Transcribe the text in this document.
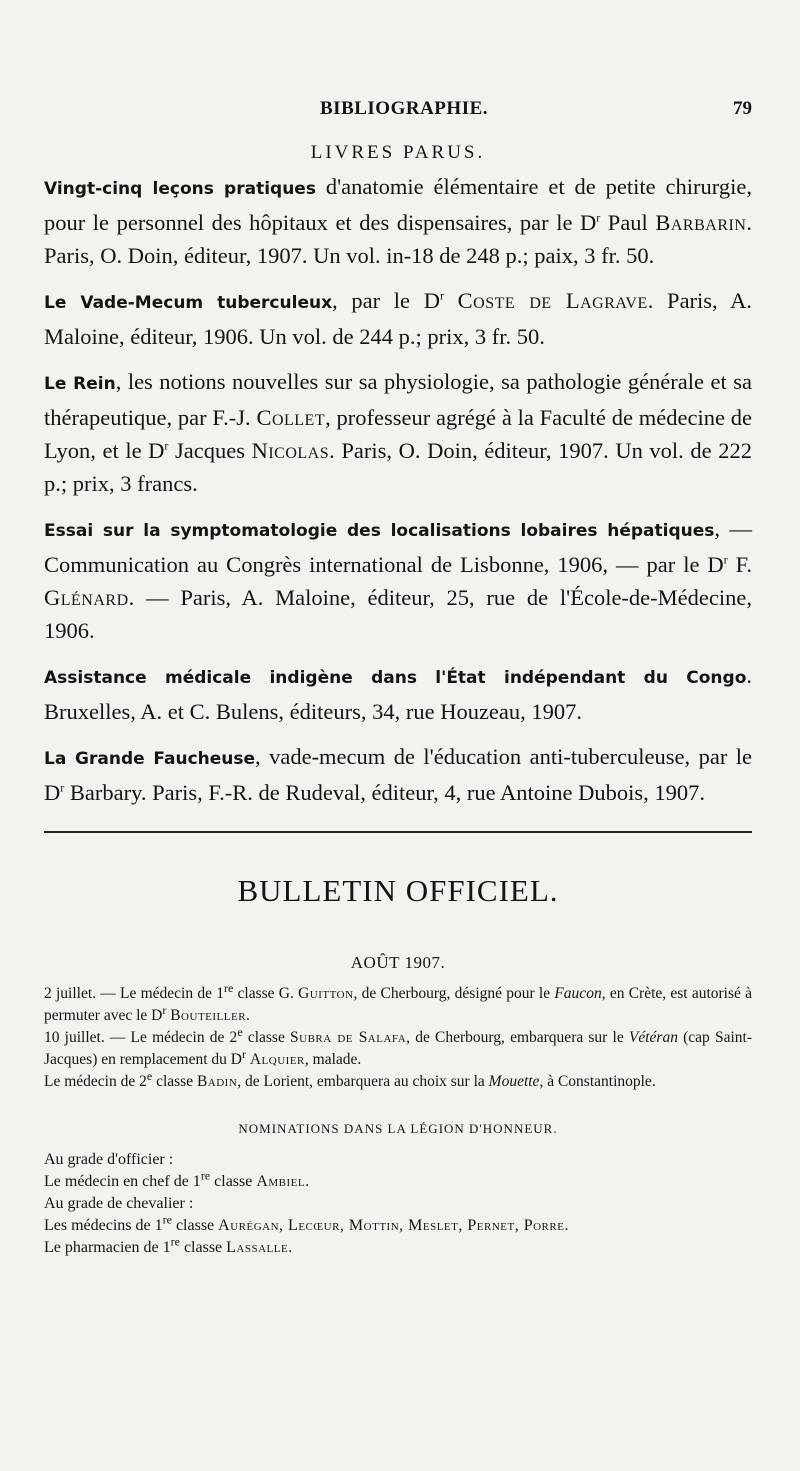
BIBLIOGRAPHIE.	79
LIVRES PARUS.

Vingt-cinq leçons pratiques d'anatomie élémentaire et de petite chirurgie, pour le personnel des hôpitaux et des dispensaires, par le $D^r$ Paul Barbarin. Paris, O. Doin, éditeur, 1907. Un vol. in-18 de 248 p.; paix, 3 fr. 50.

Le Vade-Mecum tuberculeux, par le $D^r$ Coste de Lagrave. Paris, A. Maloine, éditeur, 1906. Un vol. de 244 p.; prix, 3 fr. 50.

Le Rein, les notions nouvelles sur sa physiologie, sa pathologie générale et sa thérapeutique, par F.-J. Collet, professeur agrégé à la Faculté de médecine de Lyon, et le $D^r$ Jacques Nicolas. Paris, O. Doin, éditeur, 1907. Un vol. de 222 p.; prix, 3 francs.

Essai sur la symptomatologie des localisations lobaires hépatiques, — Communication au Congrès international de Lisbonne, 1906, — par le $D^r$ F. Glénard. — Paris, A. Maloine, éditeur, 25, rue de l'École-de-Médecine, 1906.

Assistance médicale indigène dans l'État indépendant du Congo. Bruxelles, A. et C. Bulens, éditeurs, 34, rue Houzeau, 1907.

La Grande Faucheuse, vade-mecum de l'éducation anti-tuberculeuse, par le $D^r$ Barbary. Paris, F.-R. de Rudeval, éditeur, 4, rue Antoine Dubois, 1907.

BULLETIN OFFICIEL.
AOÛT 1907.

2 juillet. — Le médecin de 1re classe G. Guitton, de Cherbourg, désigné pour le Faucon, en Crète, est autorisé à permuter avec le $D^r$ Bouteiller.

10 juillet. — Le médecin de 2e classe Subra de Salafa, de Cherbourg, embarquera sur le Vétéran (cap Saint-Jacques) en remplacement du $D^r$ Alquier, malade.

Le médecin de 2e classe Badin, de Lorient, embarquera au choix sur la Mouette, à Constantinople.

NOMINATIONS DANS LA LÉGION D'HONNEUR.

Au grade d'officier :

Le médecin en chef de 1re classe Ambiel.

Au grade de chevalier :

Les médecins de 1re classe Aurégan, Lecœur, Mottin, Meslet, Pernet, Porre.

Le pharmacien de 1re classe Lassalle.
